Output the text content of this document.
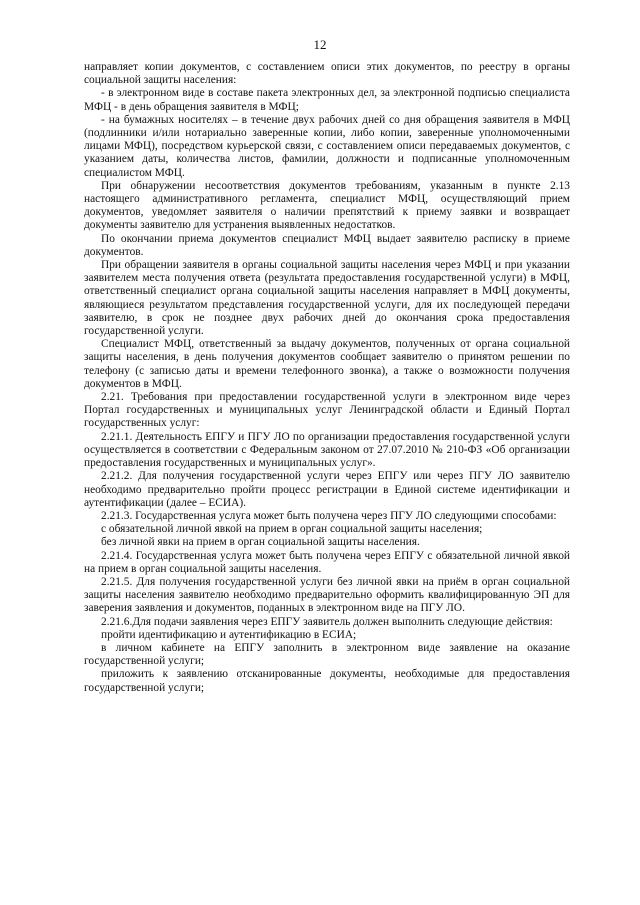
12

направляет копии документов, с составлением описи этих документов, по реестру в органы социальной защиты населения:

- в электронном виде в составе пакета электронных дел, за электронной подписью специалиста МФЦ - в день обращения заявителя в МФЦ;

- на бумажных носителях – в течение двух рабочих дней со дня обращения заявителя в МФЦ (подлинники и/или нотариально заверенные копии, либо копии, заверенные уполномоченными лицами МФЦ), посредством курьерской связи, с составлением описи передаваемых документов, с указанием даты, количества листов, фамилии, должности и подписанные уполномоченным специалистом МФЦ.

При обнаружении несоответствия документов требованиям, указанным в пункте 2.13 настоящего административного регламента, специалист МФЦ, осуществляющий прием документов, уведомляет заявителя о наличии препятствий к приему заявки и возвращает документы заявителю для устранения выявленных недостатков.

По окончании приема документов специалист МФЦ выдает заявителю расписку в приеме документов.

При обращении заявителя в органы социальной защиты населения через МФЦ и при указании заявителем места получения ответа (результата предоставления государственной услуги) в МФЦ, ответственный специалист органа социальной защиты населения направляет в МФЦ документы, являющиеся результатом представления государственной услуги, для их последующей передачи заявителю, в срок не позднее двух рабочих дней до окончания срока предоставления государственной услуги.

Специалист МФЦ, ответственный за выдачу документов, полученных от органа социальной защиты населения, в день получения документов сообщает заявителю о принятом решении по телефону (с записью даты и времени телефонного звонка), а также о возможности получения документов в МФЦ.

2.21. Требования при предоставлении государственной услуги в электронном виде через Портал государственных и муниципальных услуг Ленинградской области и Единый Портал государственных услуг:

2.21.1. Деятельность ЕПГУ и ПГУ ЛО по организации предоставления государственной услуги осуществляется в соответствии с Федеральным законом от 27.07.2010 № 210-ФЗ «Об организации предоставления государственных и муниципальных услуг».

2.21.2. Для получения государственной услуги через ЕПГУ или через ПГУ ЛО заявителю необходимо предварительно пройти процесс регистрации в Единой системе идентификации и аутентификации (далее – ЕСИА).

2.21.3. Государственная услуга может быть получена через ПГУ ЛО следующими способами:

с обязательной личной явкой на прием в орган социальной защиты населения;

без личной явки на прием в орган социальной защиты населения.

2.21.4. Государственная услуга может быть получена через ЕПГУ с обязательной личной явкой на прием в орган социальной защиты населения.

2.21.5. Для получения государственной услуги без личной явки на приём в орган социальной защиты населения заявителю необходимо предварительно оформить квалифицированную ЭП для заверения заявления и документов, поданных в электронном виде на ПГУ ЛО.

2.21.6.Для подачи заявления через ЕПГУ заявитель должен выполнить следующие действия:

пройти идентификацию и аутентификацию в ЕСИА;

в личном кабинете на ЕПГУ заполнить в электронном виде заявление на оказание государственной услуги;

приложить к заявлению отсканированные документы, необходимые для предоставления государственной услуги;
